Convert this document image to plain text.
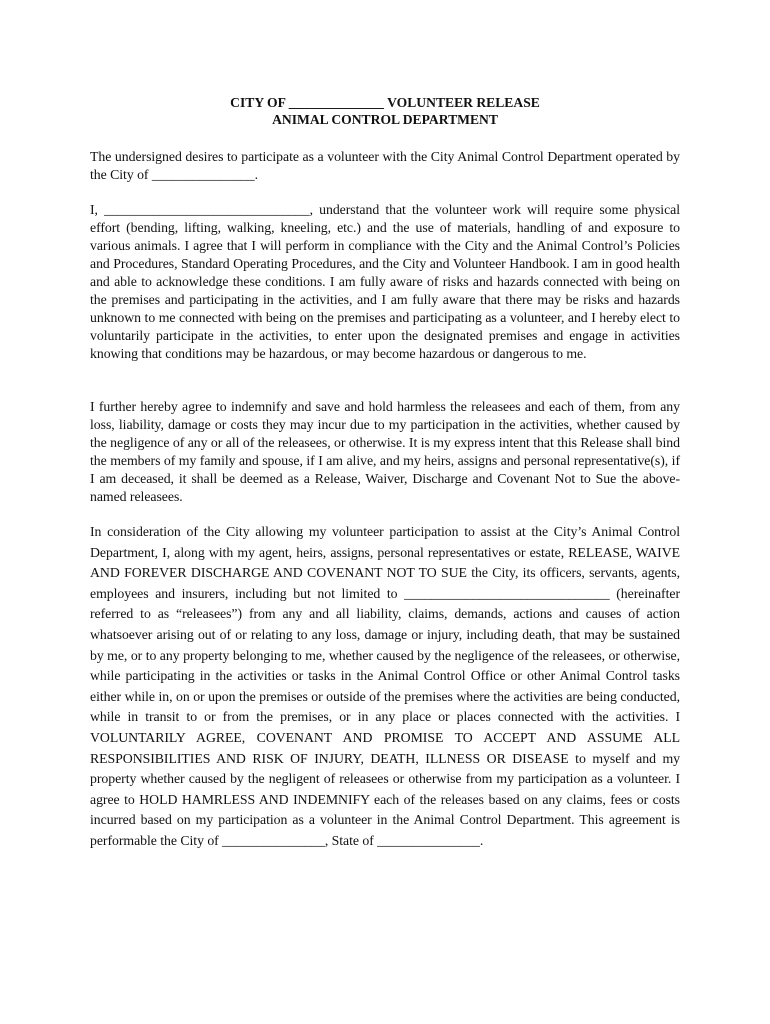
CITY OF ______________ VOLUNTEER RELEASE
ANIMAL CONTROL DEPARTMENT

The undersigned desires to participate as a volunteer with the City Animal Control Department operated by the City of _______________.

I, ______________________________, understand that the volunteer work will require some physical effort (bending, lifting, walking, kneeling, etc.) and the use of materials, handling of and exposure to various animals. I agree that I will perform in compliance with the City and the Animal Control’s Policies and Procedures, Standard Operating Procedures, and the City and Volunteer Handbook. I am in good health and able to acknowledge these conditions. I am fully aware of risks and hazards connected with being on the premises and participating in the activities, and I am fully aware that there may be risks and hazards unknown to me connected with being on the premises and participating as a volunteer, and I hereby elect to voluntarily participate in the activities, to enter upon the designated premises and engage in activities knowing that conditions may be hazardous, or may become hazardous or dangerous to me.

I further hereby agree to indemnify and save and hold harmless the releasees and each of them, from any loss, liability, damage or costs they may incur due to my participation in the activities, whether caused by the negligence of any or all of the releasees, or otherwise. It is my express intent that this Release shall bind the members of my family and spouse, if I am alive, and my heirs, assigns and personal representative(s), if I am deceased, it shall be deemed as a Release, Waiver, Discharge and Covenant Not to Sue the above-named releasees.

In consideration of the City allowing my volunteer participation to assist at the City’s Animal Control Department, I, along with my agent, heirs, assigns, personal representatives or estate, RELEASE, WAIVE AND FOREVER DISCHARGE AND COVENANT NOT TO SUE the City, its officers, servants, agents, employees and insurers, including but not limited to ______________________________ (hereinafter referred to as “releasees”) from any and all liability, claims, demands, actions and causes of action whatsoever arising out of or relating to any loss, damage or injury, including death, that may be sustained by me, or to any property belonging to me, whether caused by the negligence of the releasees, or otherwise, while participating in the activities or tasks in the Animal Control Office or other Animal Control tasks either while in, on or upon the premises or outside of the premises where the activities are being conducted, while in transit to or from the premises, or in any place or places connected with the activities. I VOLUNTARILY AGREE, COVENANT AND PROMISE TO ACCEPT AND ASSUME ALL RESPONSIBILITIES AND RISK OF INJURY, DEATH, ILLNESS OR DISEASE to myself and my property whether caused by the negligent of releasees or otherwise from my participation as a volunteer. I agree to HOLD HAMRLESS AND INDEMNIFY each of the releases based on any claims, fees or costs incurred based on my participation as a volunteer in the Animal Control Department. This agreement is performable the City of _______________, State of _______________.
